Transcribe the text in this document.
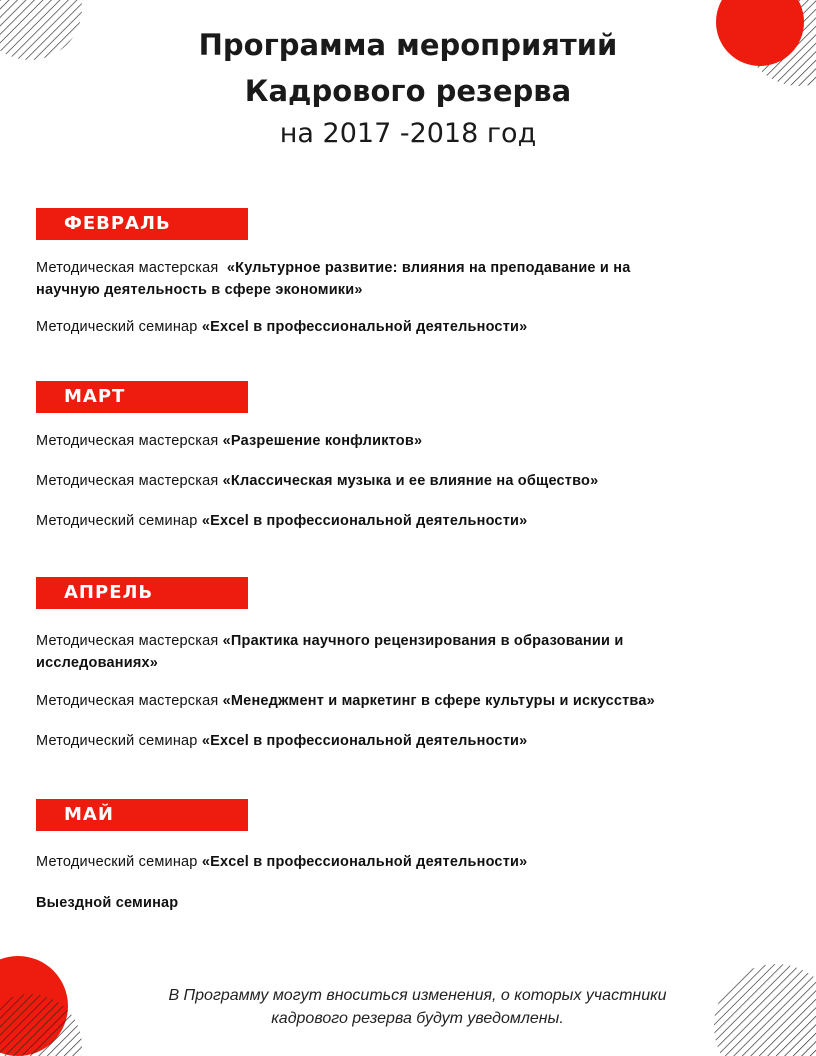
Программа мероприятий
Кадрового резерва
на 2017 -2018 год
ФЕВРАЛЬ
Методическая мастерская «Культурное развитие: влияния на преподавание и на научную деятельность в сфере экономики»
Методический семинар «Excel в профессиональной деятельности»
МАРТ
Методическая мастерская «Разрешение конфликтов»
Методическая мастерская «Классическая музыка и ее влияние на общество»
Методический семинар «Excel в профессиональной деятельности»
АПРЕЛЬ
Методическая мастерская «Практика научного рецензирования в образовании и исследованиях»
Методическая мастерская «Менеджмент и маркетинг в сфере культуры и искусства»
Методический семинар «Excel в профессиональной деятельности»
МАЙ
Методический семинар «Excel в профессиональной деятельности»
Выездной семинар
В Программу могут вноситься изменения, о которых участники
кадрового резерва будут уведомлены.
